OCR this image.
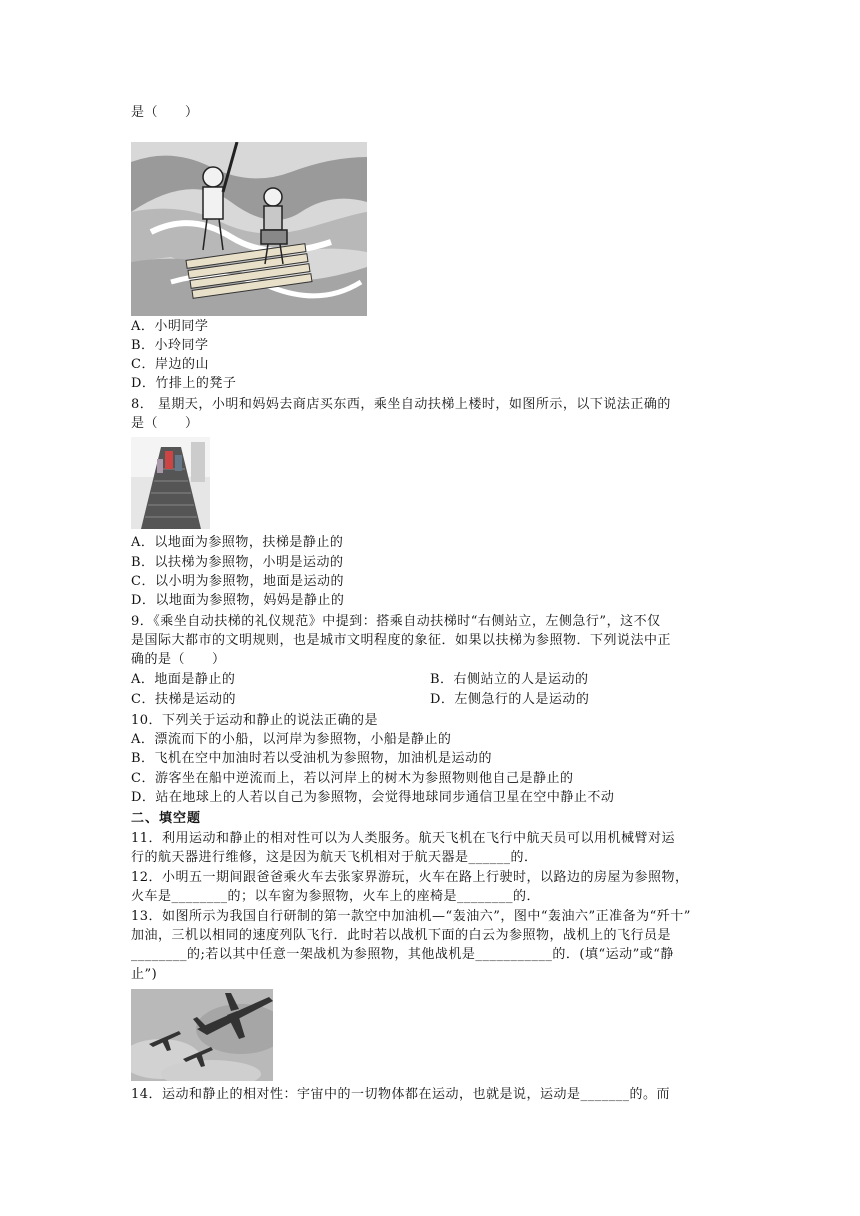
是（　　）
A．小明同学
B．小玲同学
C．岸边的山
D．竹排上的凳子
8． 星期天，小明和妈妈去商店买东西，乘坐自动扶梯上楼时，如图所示，以下说法正确的
是（　　）
A．以地面为参照物，扶梯是静止的
B．以扶梯为参照物，小明是运动的
C．以小明为参照物，地面是运动的
D．以地面为参照物，妈妈是静止的
9．《乘坐自动扶梯的礼仪规范》中提到：搭乘自动扶梯时“右侧站立，左侧急行”，这不仅
是国际大都市的文明规则，也是城市文明程度的象征．如果以扶梯为参照物．下列说法中正
确的是（　　）
A．地面是静止的	B．右侧站立的人是运动的
C．扶梯是运动的	D．左侧急行的人是运动的
10．下列关于运动和静止的说法正确的是
A．漂流而下的小船，以河岸为参照物，小船是静止的
B．飞机在空中加油时若以受油机为参照物，加油机是运动的
C．游客坐在船中逆流而上，若以河岸上的树木为参照物则他自己是静止的
D．站在地球上的人若以自己为参照物，会觉得地球同步通信卫星在空中静止不动
二、填空题
11．利用运动和静止的相对性可以为人类服务。航天飞机在飞行中航天员可以用机械臂对运
行的航天器进行维修，这是因为航天飞机相对于航天器是______的．
12．小明五一期间跟爸爸乘火车去张家界游玩，火车在路上行驶时，以路边的房屋为参照物，
火车是________的；以车窗为参照物，火车上的座椅是________的．
13．如图所示为我国自行研制的第一款空中加油机—“轰油六”，图中“轰油六”正准备为“歼十”
加油，三机以相同的速度列队飞行．此时若以战机下面的白云为参照物，战机上的飞行员是
________的;若以其中任意一架战机为参照物，其他战机是___________的．(填“运动”或“静
止”)
14．运动和静止的相对性：宇宙中的一切物体都在运动，也就是说，运动是_______的。而
